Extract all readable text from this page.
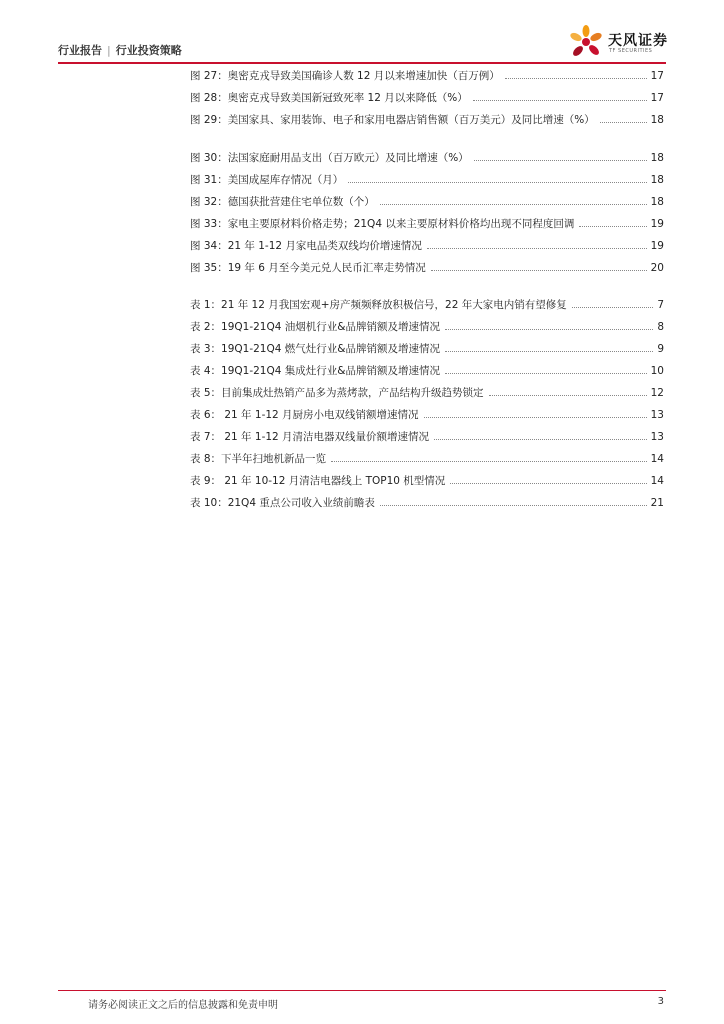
行业报告 | 行业投资策略
天风证券
TF SECURITIES
图 27：奥密克戎导致美国确诊人数 12 月以来增速加快（百万例）	17
图 28：奥密克戎导致美国新冠致死率 12 月以来降低（%）	17
图 29：美国家具、家用装饰、电子和家用电器店销售额（百万美元）及同比增速（%）	18
图 30：法国家庭耐用品支出（百万欧元）及同比增速（%）	18
图 31：美国成屋库存情况（月）	18
图 32：德国获批营建住宅单位数（个）	18
图 33：家电主要原材料价格走势；21Q4 以来主要原材料价格均出现不同程度回调	19
图 34：21 年 1-12 月家电品类双线均价增速情况	19
图 35：19 年 6 月至今美元兑人民币汇率走势情况	20
表 1：21 年 12 月我国宏观+房产频频释放积极信号，22 年大家电内销有望修复	7
表 2：19Q1-21Q4 油烟机行业&品牌销额及增速情况	8
表 3：19Q1-21Q4 燃气灶行业&品牌销额及增速情况	9
表 4：19Q1-21Q4 集成灶行业&品牌销额及增速情况	10
表 5：目前集成灶热销产品多为蒸烤款，产品结构升级趋势锁定	12
表 6： 21 年 1-12 月厨房小电双线销额增速情况	13
表 7： 21 年 1-12 月清洁电器双线量价额增速情况	13
表 8：下半年扫地机新品一览	14
表 9： 21 年 10-12 月清洁电器线上 TOP10 机型情况	14
表 10：21Q4 重点公司收入业绩前瞻表	21
请务必阅读正文之后的信息披露和免责申明	3
